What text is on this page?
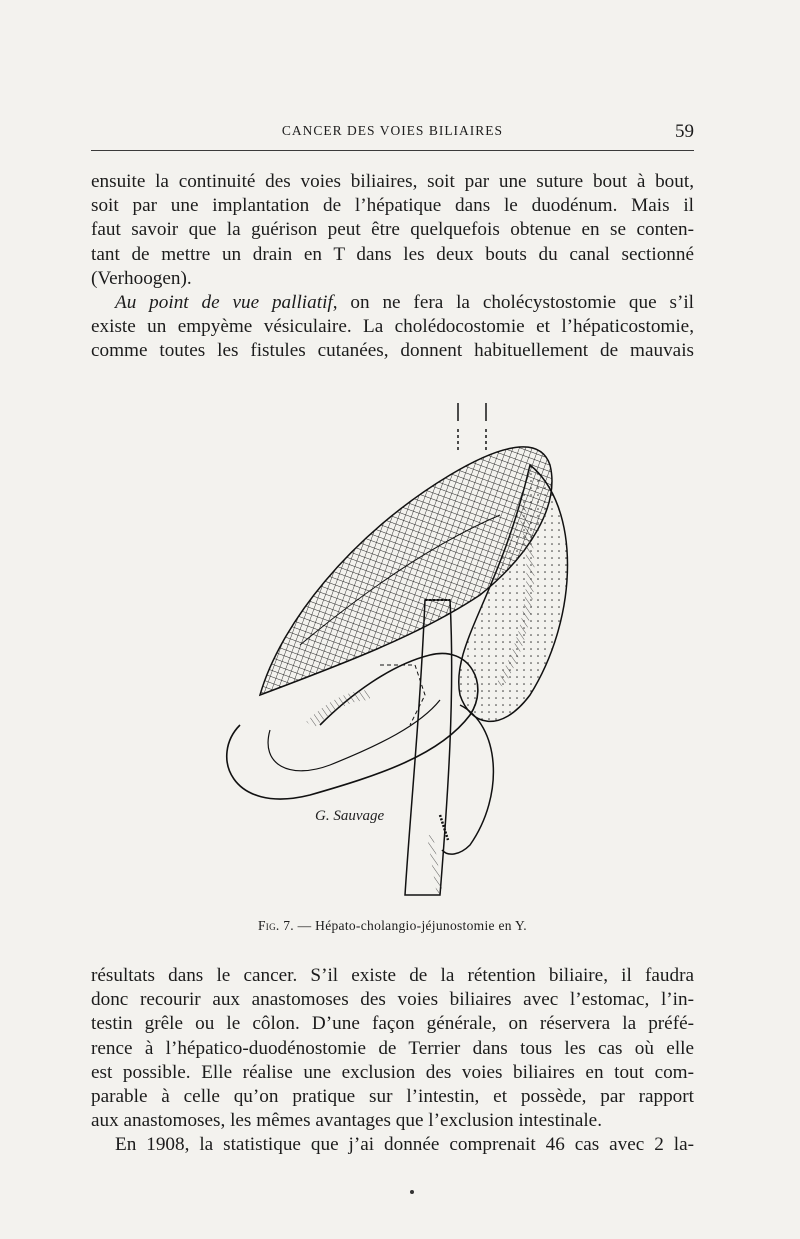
CANCER DES VOIES BILIAIRES	59
ensuite la continuité des voies biliaires, soit par une suture bout à bout,
soit par une implantation de l’hépatique dans le duodénum. Mais il
faut savoir que la guérison peut être quelquefois obtenue en se conten-
tant de mettre un drain en T dans les deux bouts du canal sectionné
(Verhoogen).
Au point de vue palliatif, on ne fera la cholécystostomie que s’il
existe un empyème vésiculaire. La cholédocostomie et l’hépaticostomie,
comme toutes les fistules cutanées, donnent habituellement de mauvais
G. Sauvage
Fig. 7. — Hépato-cholangio-jéjunostomie en Y.
résultats dans le cancer. S’il existe de la rétention biliaire, il faudra
donc recourir aux anastomoses des voies biliaires avec l’estomac, l’in-
testin grêle ou le côlon. D’une façon générale, on réservera la préfé-
rence à l’hépatico-duodénostomie de Terrier dans tous les cas où elle
est possible. Elle réalise une exclusion des voies biliaires en tout com-
parable à celle qu’on pratique sur l’intestin, et possède, par rapport
aux anastomoses, les mêmes avantages que l’exclusion intestinale.
En 1908, la statistique que j’ai donnée comprenait 46 cas avec 2 la-
